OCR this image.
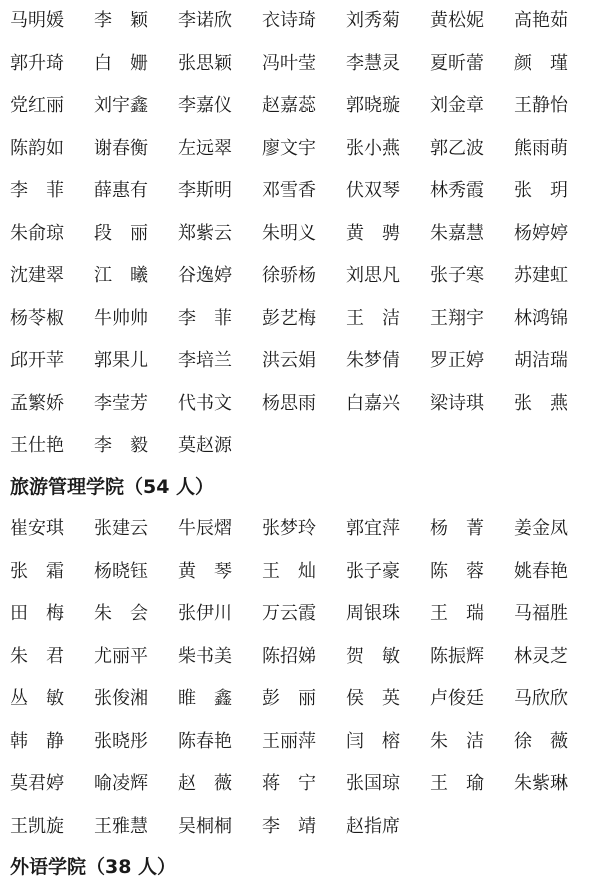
马明媛	李　颖	李诺欣	衣诗琦	刘秀菊	黄松妮	高艳茹
郭升琦	白　姗	张思颖	冯叶莹	李慧灵	夏昕蕾	颜　瑾
党红丽	刘宇鑫	李嘉仪	赵嘉蕊	郭晓璇	刘金章	王静怡
陈韵如	谢春衡	左远翠	廖文宇	张小燕	郭乙波	熊雨萌
李　菲	薛惠有	李斯明	邓雪香	伏双琴	林秀霞	张　玥
朱俞琼	段　丽	郑紫云	朱明义	黄　骋	朱嘉慧	杨婷婷
沈建翠	江　曦	谷逸婷	徐骄杨	刘思凡	张子寒	苏建虹
杨苓椒	牛帅帅	李　菲	彭艺梅	王　洁	王翔宇	林鸿锦
邱开苹	郭果儿	李培兰	洪云娟	朱梦倩	罗正婷	胡洁瑞
孟繁娇	李莹芳	代书文	杨思雨	白嘉兴	梁诗琪	张　燕
王仕艳	李　毅	莫赵源
旅游管理学院（54 人）
崔安琪	张建云	牛辰熠	张梦玲	郭宜萍	杨　菁	姜金凤
张　霜	杨晓钰	黄　琴	王　灿	张子豪	陈　蓉	姚春艳
田　梅	朱　会	张伊川	万云霞	周银珠	王　瑞	马福胜
朱　君	尤丽平	柴书美	陈招娣	贺　敏	陈振辉	林灵芝
丛　敏	张俊湘	睢　鑫	彭　丽	侯　英	卢俊廷	马欣欣
韩　静	张晓彤	陈春艳	王丽萍	闫　榕	朱　洁	徐　薇
莫君婷	喻凌辉	赵　薇	蒋　宁	张国琼	王　瑜	朱紫琳
王凯旋	王雅慧	吴桐桐	李　靖	赵指席
外语学院（38 人）
